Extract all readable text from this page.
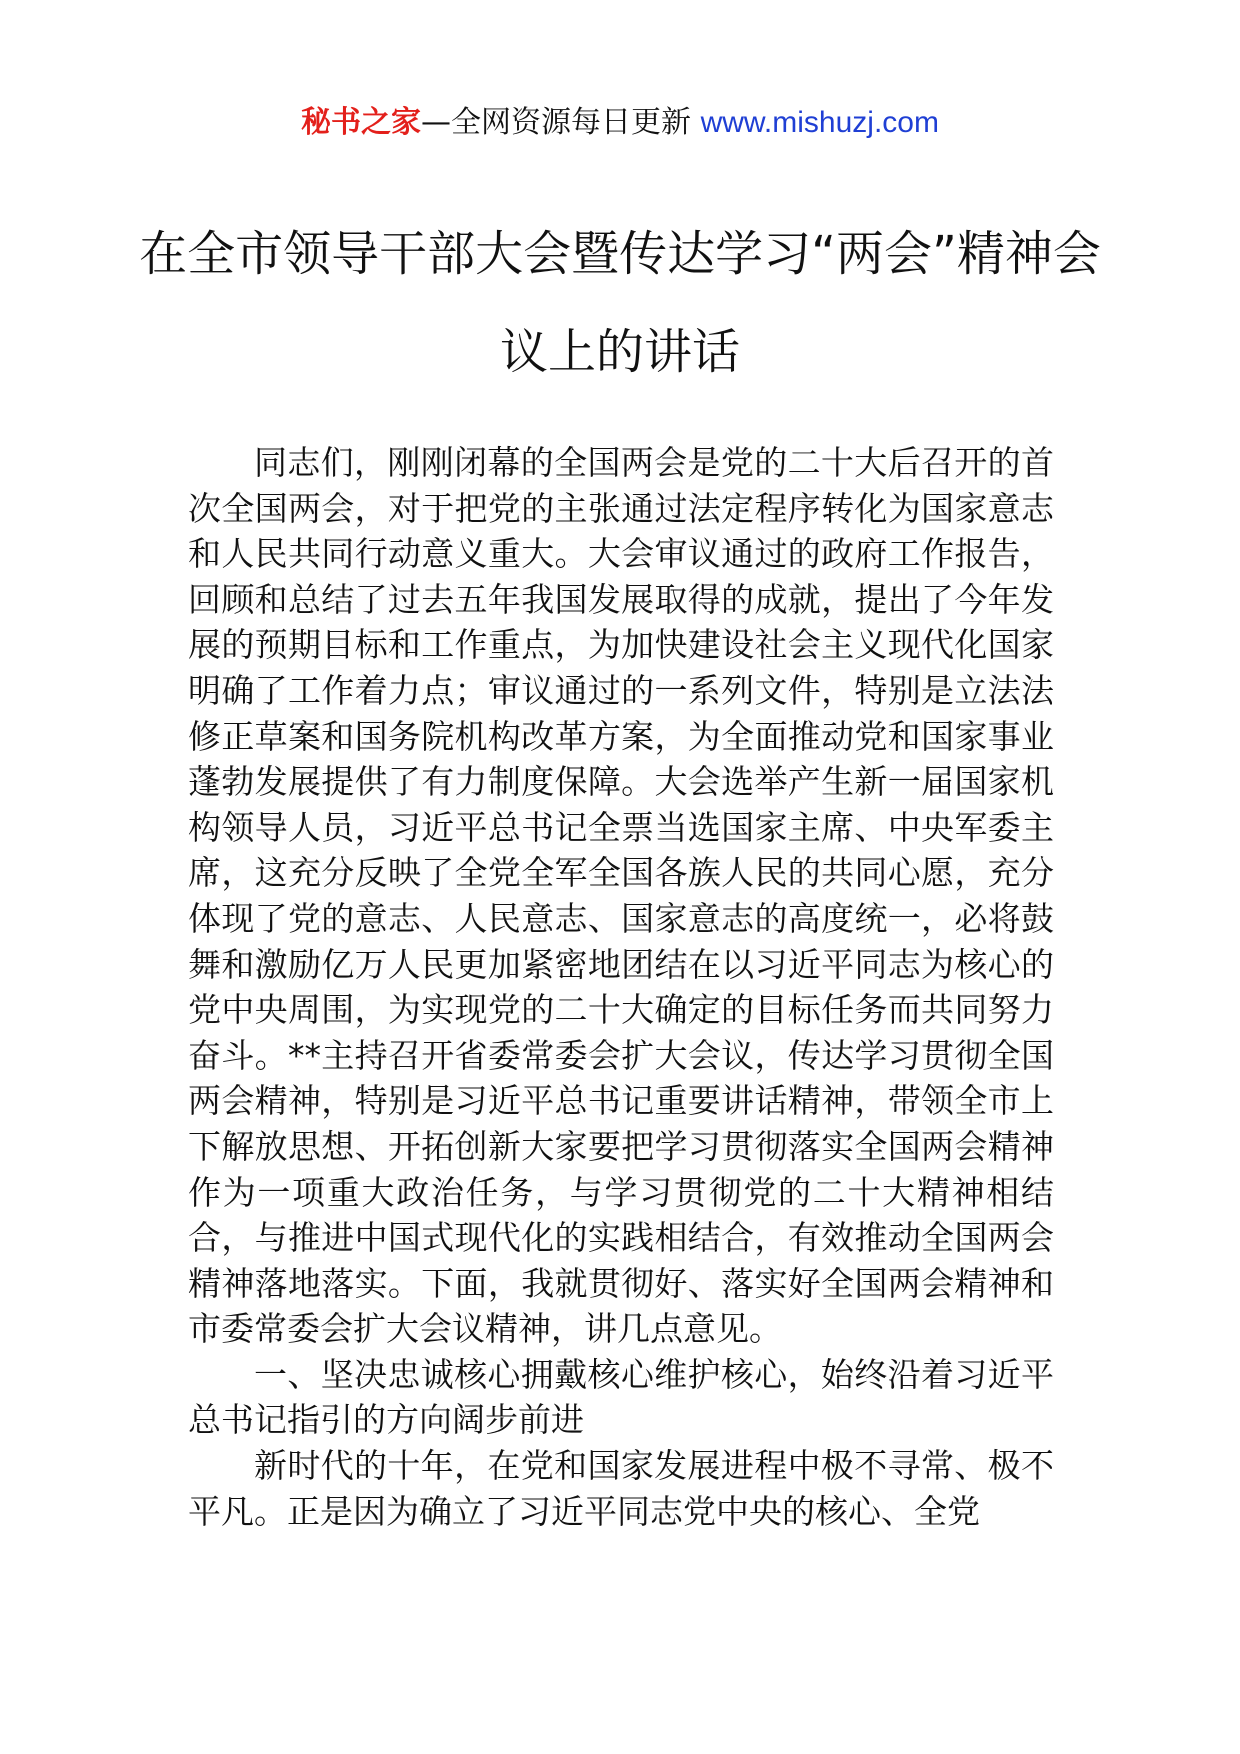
秘书之家—全网资源每日更新 www.mishuzj.com
在全市领导干部大会暨传达学习“两会”精神会议上的讲话

同志们，刚刚闭幕的全国两会是党的二十大后召开的首次全国两会，对于把党的主张通过法定程序转化为国家意志和人民共同行动意义重大。大会审议通过的政府工作报告，回顾和总结了过去五年我国发展取得的成就，提出了今年发展的预期目标和工作重点，为加快建设社会主义现代化国家明确了工作着力点；审议通过的一系列文件，特别是立法法修正草案和国务院机构改革方案，为全面推动党和国家事业蓬勃发展提供了有力制度保障。大会选举产生新一届国家机构领导人员，习近平总书记全票当选国家主席、中央军委主席，这充分反映了全党全军全国各族人民的共同心愿，充分体现了党的意志、人民意志、国家意志的高度统一，必将鼓舞和激励亿万人民更加紧密地团结在以习近平同志为核心的党中央周围，为实现党的二十大确定的目标任务而共同努力奋斗。**主持召开省委常委会扩大会议，传达学习贯彻全国两会精神，特别是习近平总书记重要讲话精神，带领全市上下解放思想、开拓创新大家要把学习贯彻落实全国两会精神作为一项重大政治任务，与学习贯彻党的二十大精神相结合，与推进中国式现代化的实践相结合，有效推动全国两会精神落地落实。下面，我就贯彻好、落实好全国两会精神和市委常委会扩大会议精神，讲几点意见。

一、坚决忠诚核心拥戴核心维护核心，始终沿着习近平总书记指引的方向阔步前进

新时代的十年，在党和国家发展进程中极不寻常、极不平凡。正是因为确立了习近平同志党中央的核心、全党
